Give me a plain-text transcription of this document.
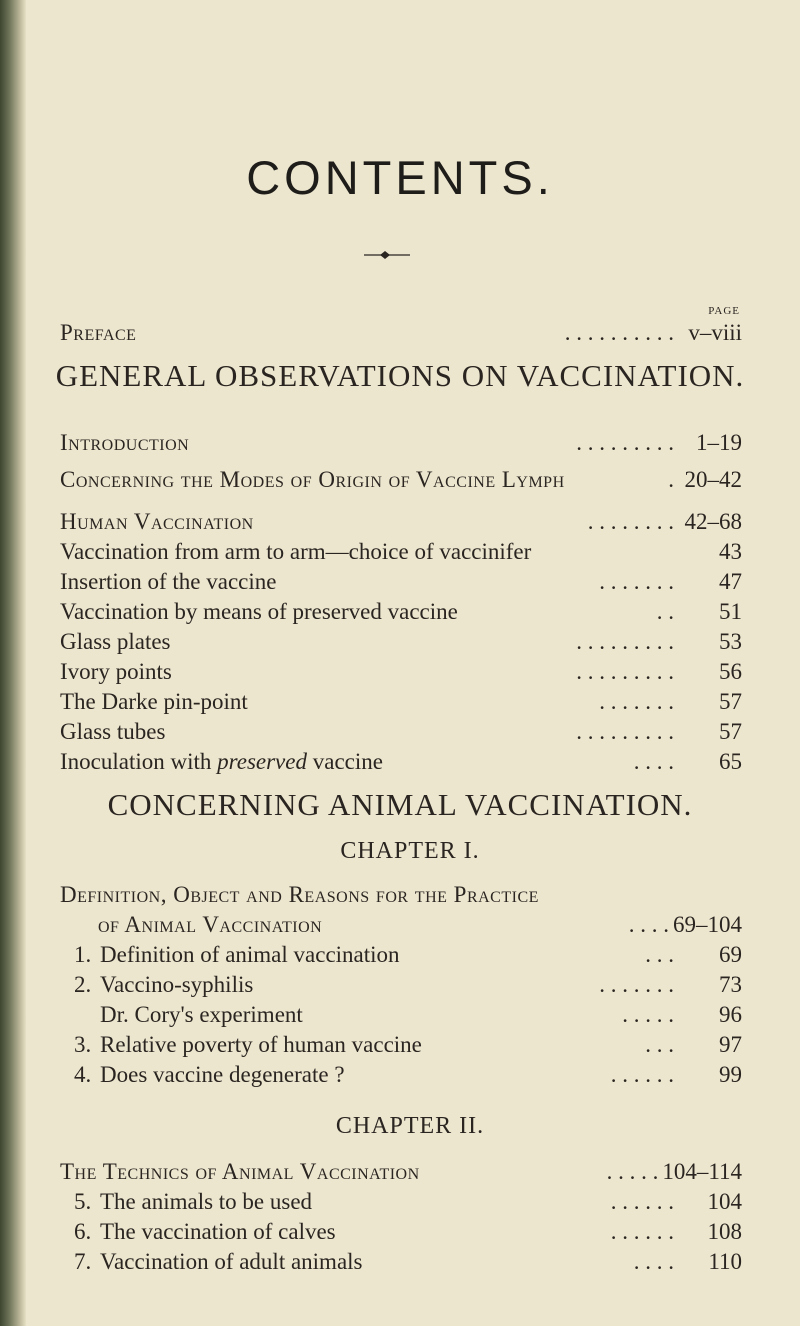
CONTENTS.
PAGE
Preface	. . . . . . . . . . v–viii
GENERAL OBSERVATIONS ON VACCINATION.
Introduction	. . . . . . . . . 1–19
Concerning the Modes of Origin of Vaccine Lymph	. 20–42
Human Vaccination	. . . . . . . . 42–68
Vaccination from arm to arm—choice of vaccinifer	43
Insertion of the vaccine	. . . . . . .	47
Vaccination by means of preserved vaccine	. .	51
Glass plates	. . . . . . . . .	53
Ivory points	. . . . . . . . .	56
The Darke pin-point	. . . . . . .	57
Glass tubes	. . . . . . . . .	57
Inoculation with preserved vaccine	. . . .	65
CONCERNING ANIMAL VACCINATION.
CHAPTER I.
Definition, Object and Reasons for the Practice
of Animal Vaccination	. . . . 69–104
1. Definition of animal vaccination	. . .	69
2. Vaccino-syphilis	. . . . . . .	73
Dr. Cory's experiment	. . . . .	96
3. Relative poverty of human vaccine	. . .	97
4. Does vaccine degenerate ?	. . . . . .	99
CHAPTER II.
The Technics of Animal Vaccination	. . . . . 104–114
5. The animals to be used	. . . . . .	104
6. The vaccination of calves	. . . . . .	108
7. Vaccination of adult animals	. . . .	110
